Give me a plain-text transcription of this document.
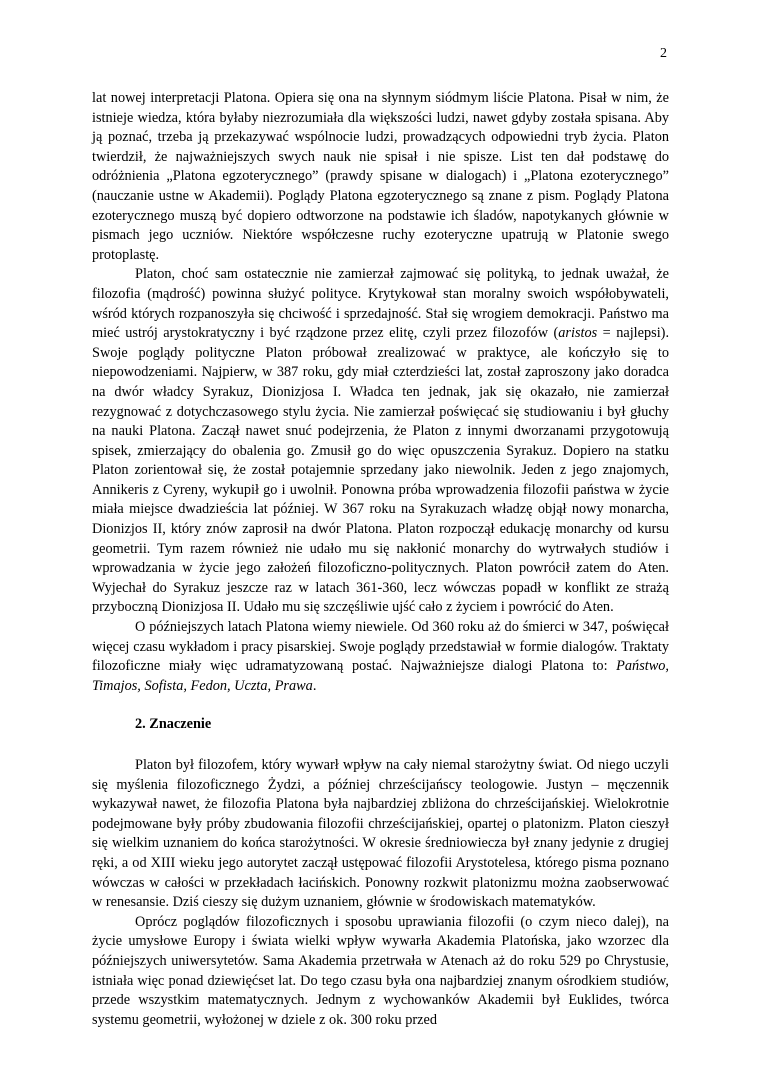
2

lat nowej interpretacji Platona. Opiera się ona na słynnym siódmym liście Platona. Pisał w nim, że istnieje wiedza, która byłaby niezrozumiała dla większości ludzi, nawet gdyby została spisana. Aby ją poznać, trzeba ją przekazywać wspólnocie ludzi, prowadzących odpowiedni tryb życia. Platon twierdził, że najważniejszych swych nauk nie spisał i nie spisze. List ten dał podstawę do odróżnienia „Platona egzoterycznego” (prawdy spisane w dialogach) i „Platona ezoterycznego” (nauczanie ustne w Akademii). Poglądy Platona egzoterycznego są znane z pism. Poglądy Platona ezoterycznego muszą być dopiero odtworzone na podstawie ich śladów, napotykanych głównie w pismach jego uczniów. Niektóre współczesne ruchy ezoteryczne upatrują w Platonie swego protoplastę.

Platon, choć sam ostatecznie nie zamierzał zajmować się polityką, to jednak uważał, że filozofia (mądrość) powinna służyć polityce. Krytykował stan moralny swoich współobywateli, wśród których rozpanoszyła się chciwość i sprzedajność. Stał się wrogiem demokracji. Państwo ma mieć ustrój arystokratyczny i być rządzone przez elitę, czyli przez filozofów (aristos = najlepsi). Swoje poglądy polityczne Platon próbował zrealizować w praktyce, ale kończyło się to niepowodzeniami. Najpierw, w 387 roku, gdy miał czterdzieści lat, został zaproszony jako doradca na dwór władcy Syrakuz, Dionizjosa I. Władca ten jednak, jak się okazało, nie zamierzał rezygnować z dotychczasowego stylu życia. Nie zamierzał poświęcać się studiowaniu i był głuchy na nauki Platona. Zaczął nawet snuć podejrzenia, że Platon z innymi dworzanami przygotowują spisek, zmierzający do obalenia go. Zmusił go do więc opuszczenia Syrakuz. Dopiero na statku Platon zorientował się, że został potajemnie sprzedany jako niewolnik. Jeden z jego znajomych, Annikeris z Cyreny, wykupił go i uwolnił. Ponowna próba wprowadzenia filozofii państwa w życie miała miejsce dwadzieścia lat później. W 367 roku na Syrakuzach władzę objął nowy monarcha, Dionizjos II, który znów zaprosił na dwór Platona. Platon rozpoczął edukację monarchy od kursu geometrii. Tym razem również nie udało mu się nakłonić monarchy do wytrwałych studiów i wprowadzania w życie jego założeń filozoficzno-politycznych. Platon powrócił zatem do Aten. Wyjechał do Syrakuz jeszcze raz w latach 361-360, lecz wówczas popadł w konflikt ze strażą przyboczną Dionizjosa II. Udało mu się szczęśliwie ujść cało z życiem i powrócić do Aten.

O późniejszych latach Platona wiemy niewiele. Od 360 roku aż do śmierci w 347, poświęcał więcej czasu wykładom i pracy pisarskiej. Swoje poglądy przedstawiał w formie dialogów. Traktaty filozoficzne miały więc udramatyzowaną postać. Najważniejsze dialogi Platona to: Państwo, Timajos, Sofista, Fedon, Uczta, Prawa.

2. Znaczenie

Platon był filozofem, który wywarł wpływ na cały niemal starożytny świat. Od niego uczyli się myślenia filozoficznego Żydzi, a później chrześcijańscy teologowie. Justyn – męczennik wykazywał nawet, że filozofia Platona była najbardziej zbliżona do chrześcijańskiej. Wielokrotnie podejmowane były próby zbudowania filozofii chrześcijańskiej, opartej o platonizm. Platon cieszył się wielkim uznaniem do końca starożytności. W okresie średniowiecza był znany jedynie z drugiej ręki, a od XIII wieku jego autorytet zaczął ustępować filozofii Arystotelesa, którego pisma poznano wówczas w całości w przekładach łacińskich. Ponowny rozkwit platonizmu można zaobserwować w renesansie. Dziś cieszy się dużym uznaniem, głównie w środowiskach matematyków.

Oprócz poglądów filozoficznych i sposobu uprawiania filozofii (o czym nieco dalej), na życie umysłowe Europy i świata wielki wpływ wywarła Akademia Platońska, jako wzorzec dla późniejszych uniwersytetów. Sama Akademia przetrwała w Atenach aż do roku 529 po Chrystusie, istniała więc ponad dziewięćset lat. Do tego czasu była ona najbardziej znanym ośrodkiem studiów, przede wszystkim matematycznych. Jednym z wychowanków Akademii był Euklides, twórca systemu geometrii, wyłożonej w dziele z ok. 300 roku przed
